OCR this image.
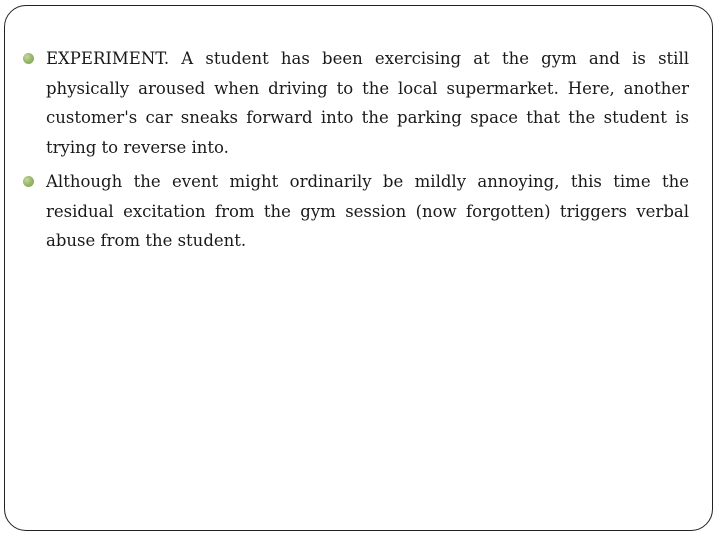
EXPERIMENT. A student has been exercising at the gym and is still physically aroused when driving to the local supermarket. Here, another customer's car sneaks forward into the parking space that the student is trying to reverse into.
Although the event might ordinarily be mildly annoying, this time the residual excitation from the gym session (now forgotten) triggers verbal abuse from the student.
